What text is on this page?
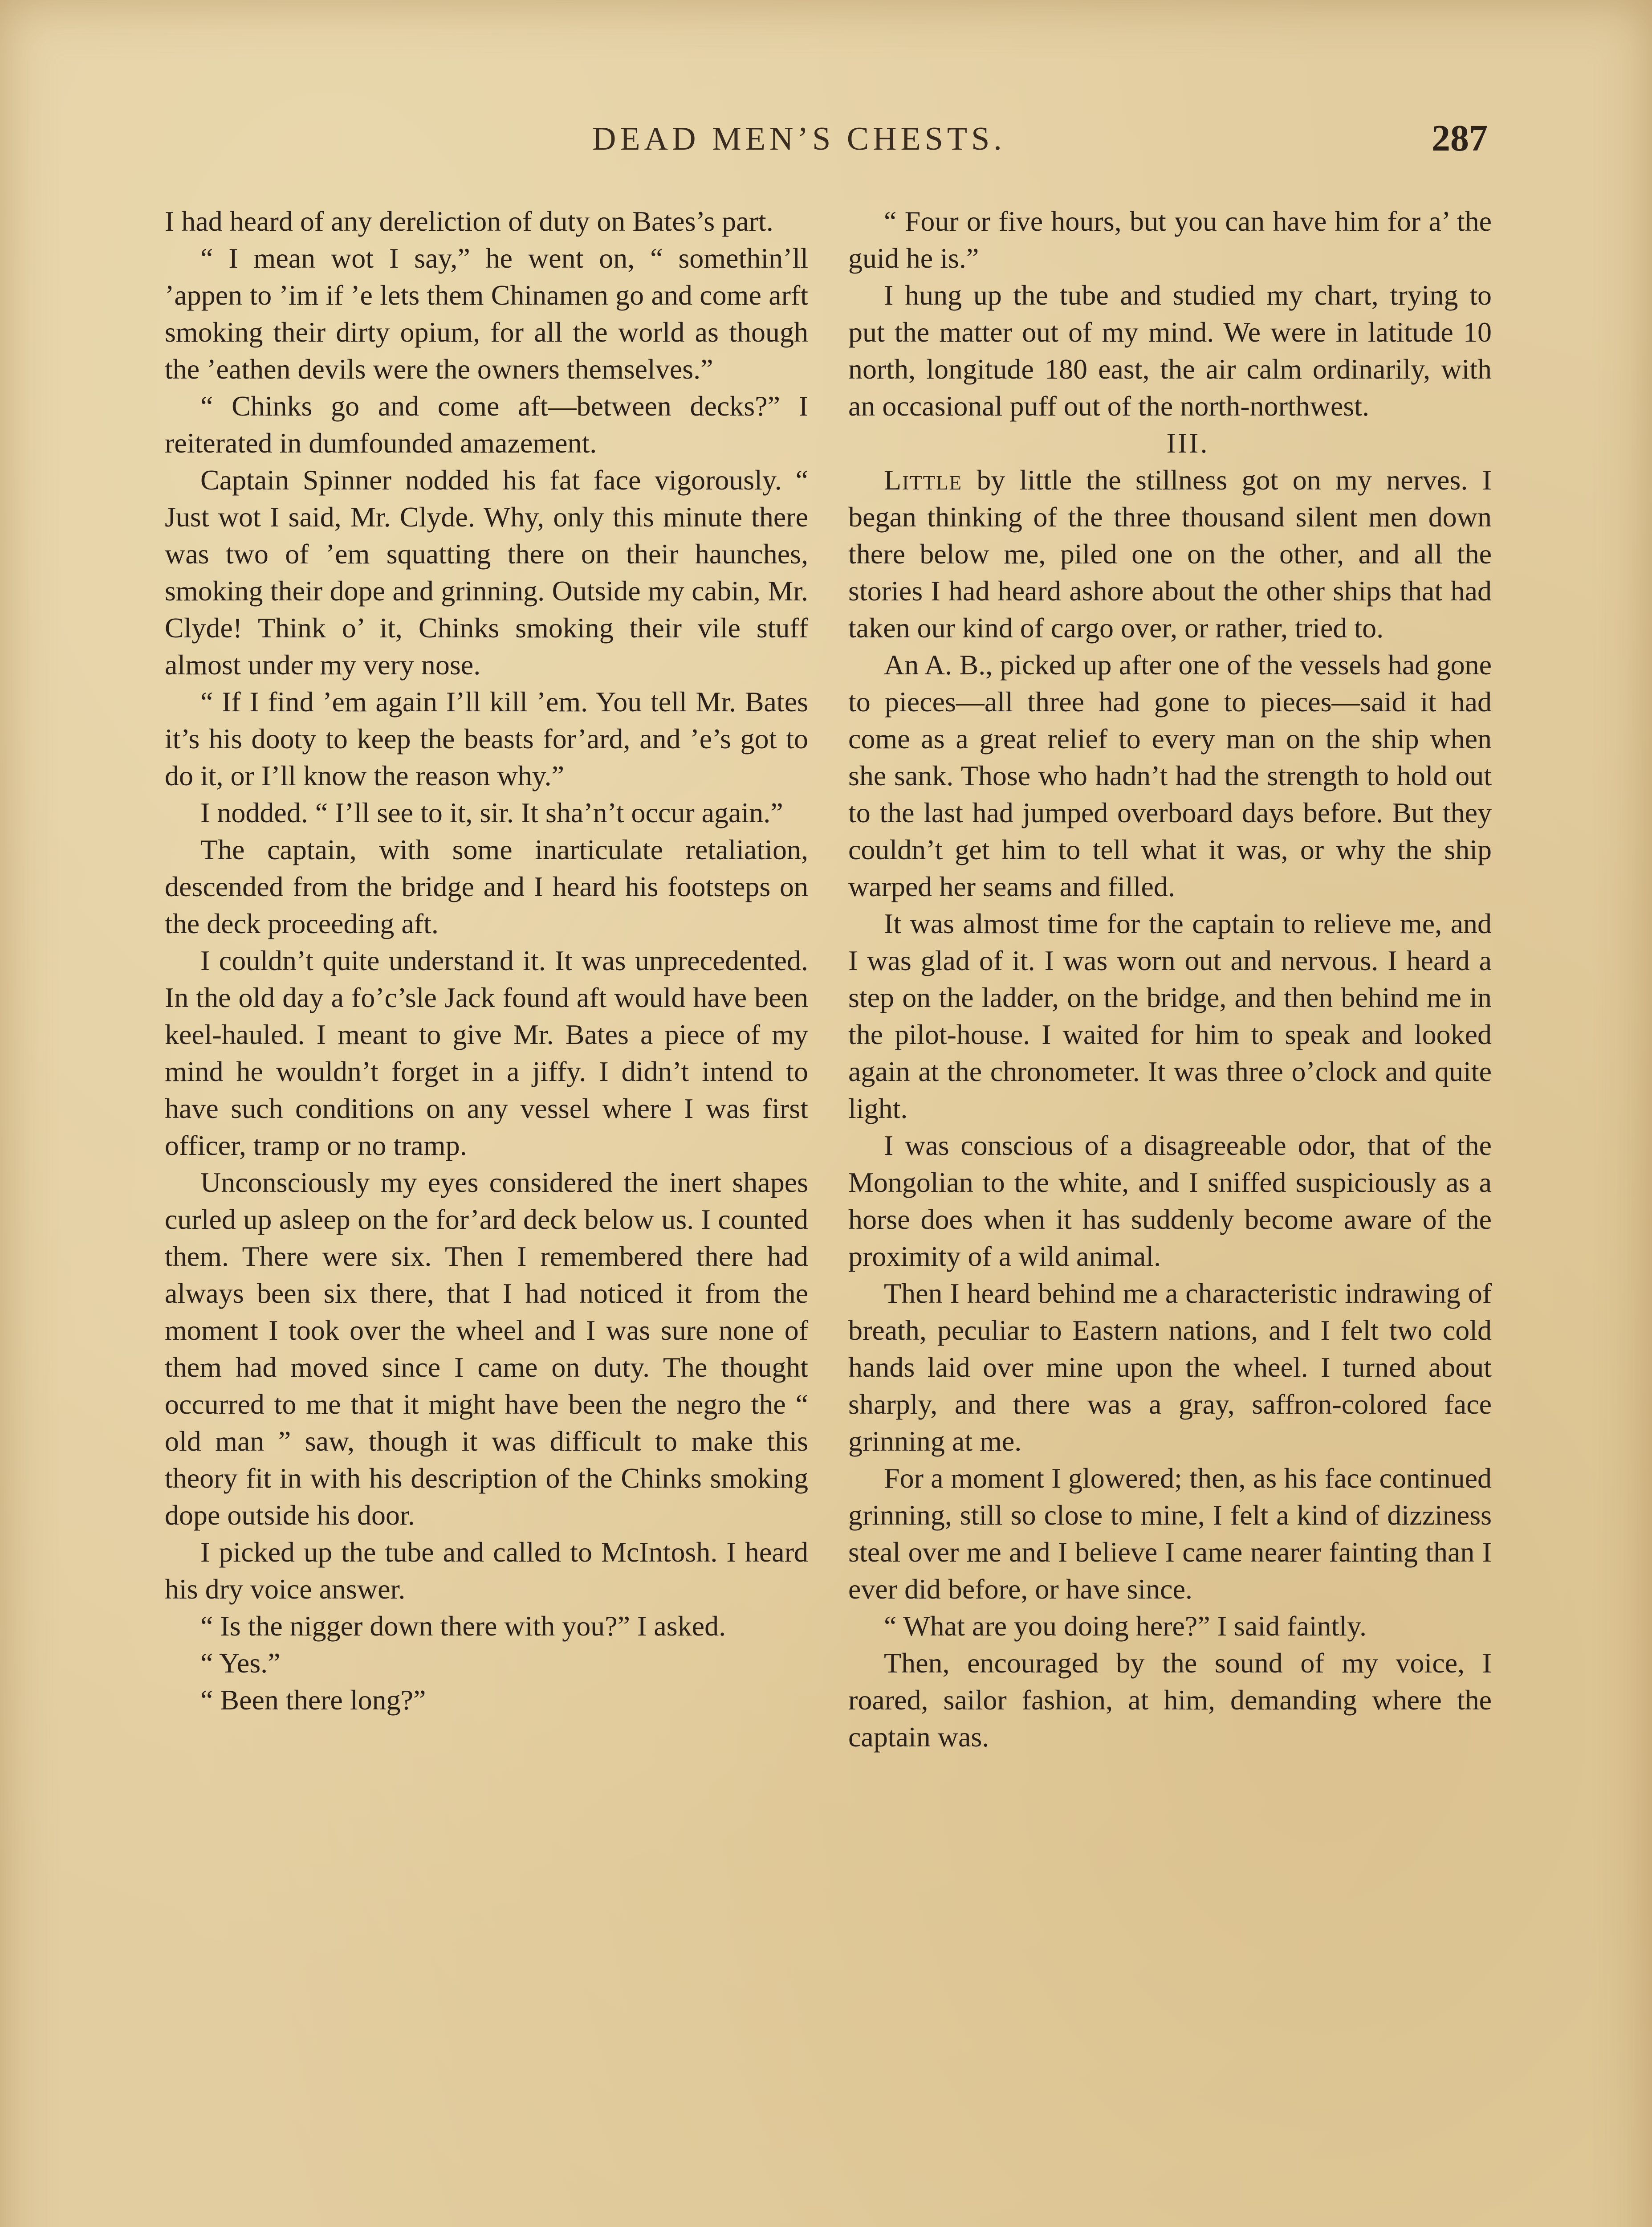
DEAD MEN’S CHESTS.	287

I had heard of any dereliction of duty on Bates’s part.

“ I mean wot I say,” he went on, “ somethin’ll ’appen to ’im if ’e lets them Chinamen go and come arft smoking their dirty opium, for all the world as though the ’eathen devils were the owners themselves.”

“ Chinks go and come aft—between decks?” I reiterated in dumfounded amazement.

Captain Spinner nodded his fat face vigorously. “ Just wot I said, Mr. Clyde. Why, only this minute there was two of ’em squatting there on their haunches, smoking their dope and grinning. Outside my cabin, Mr. Clyde! Think o’ it, Chinks smoking their vile stuff almost under my very nose.

“ If I find ’em again I’ll kill ’em. You tell Mr. Bates it’s his dooty to keep the beasts for’ard, and ’e’s got to do it, or I’ll know the reason why.”

I nodded. “ I’ll see to it, sir. It sha’n’t occur again.”

The captain, with some inarticulate retaliation, descended from the bridge and I heard his footsteps on the deck proceeding aft.

I couldn’t quite understand it. It was unprecedented. In the old day a fo’c’sle Jack found aft would have been keel-hauled. I meant to give Mr. Bates a piece of my mind he wouldn’t forget in a jiffy. I didn’t intend to have such conditions on any vessel where I was first officer, tramp or no tramp.

Unconsciously my eyes considered the inert shapes curled up asleep on the for’ard deck below us. I counted them. There were six. Then I remembered there had always been six there, that I had noticed it from the moment I took over the wheel and I was sure none of them had moved since I came on duty. The thought occurred to me that it might have been the negro the “ old man ” saw, though it was difficult to make this theory fit in with his description of the Chinks smoking dope outside his door.

I picked up the tube and called to McIntosh. I heard his dry voice answer.

“ Is the nigger down there with you?” I asked.

“ Yes.”

“ Been there long?”

“ Four or five hours, but you can have him for a’ the guid he is.”

I hung up the tube and studied my chart, trying to put the matter out of my mind. We were in latitude 10 north, longitude 180 east, the air calm ordinarily, with an occasional puff out of the north-northwest.

III.

Little by little the stillness got on my nerves. I began thinking of the three thousand silent men down there below me, piled one on the other, and all the stories I had heard ashore about the other ships that had taken our kind of cargo over, or rather, tried to.

An A. B., picked up after one of the vessels had gone to pieces—all three had gone to pieces—said it had come as a great relief to every man on the ship when she sank. Those who hadn’t had the strength to hold out to the last had jumped overboard days before. But they couldn’t get him to tell what it was, or why the ship warped her seams and filled.

It was almost time for the captain to relieve me, and I was glad of it. I was worn out and nervous. I heard a step on the ladder, on the bridge, and then behind me in the pilot-house. I waited for him to speak and looked again at the chronometer. It was three o’clock and quite light.

I was conscious of a disagreeable odor, that of the Mongolian to the white, and I sniffed suspiciously as a horse does when it has suddenly become aware of the proximity of a wild animal.

Then I heard behind me a characteristic indrawing of breath, peculiar to Eastern nations, and I felt two cold hands laid over mine upon the wheel. I turned about sharply, and there was a gray, saffron-colored face grinning at me.

For a moment I glowered; then, as his face continued grinning, still so close to mine, I felt a kind of dizziness steal over me and I believe I came nearer fainting than I ever did before, or have since.

“ What are you doing here?” I said faintly.

Then, encouraged by the sound of my voice, I roared, sailor fashion, at him, demanding where the captain was.
